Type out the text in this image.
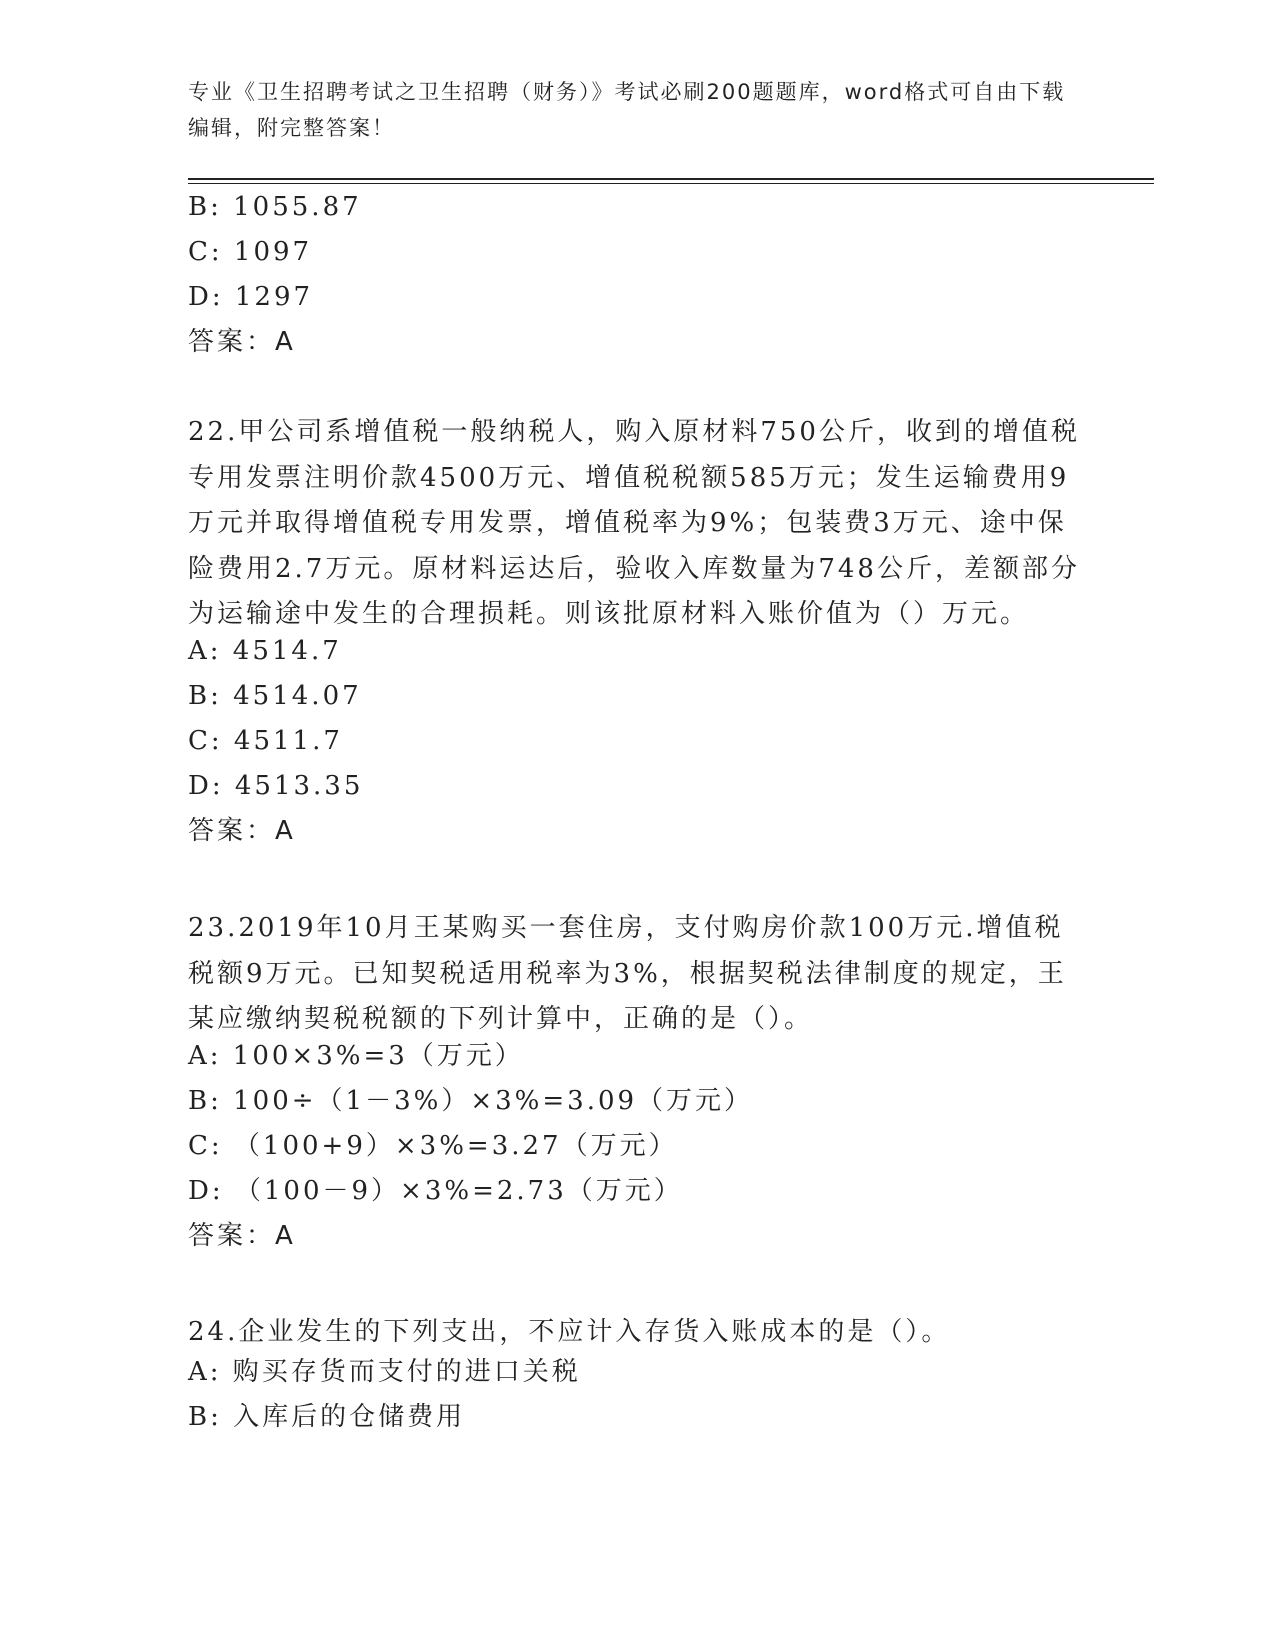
专业《卫生招聘考试之卫生招聘（财务）》考试必刷200题题库，word格式可自由下载编辑，附完整答案！
B: 1055.87
C: 1097
D: 1297
答案：A
22.甲公司系增值税一般纳税人，购入原材料750公斤，收到的增值税专用发票注明价款4500万元、增值税税额585万元；发生运输费用9万元并取得增值税专用发票，增值税率为9%；包装费3万元、途中保险费用2.7万元。原材料运达后，验收入库数量为748公斤，差额部分为运输途中发生的合理损耗。则该批原材料入账价值为（）万元。
A: 4514.7
B: 4514.07
C: 4511.7
D: 4513.35
答案：A
23.2019年10月王某购买一套住房，支付购房价款100万元.增值税税额9万元。已知契税适用税率为3%，根据契税法律制度的规定，王某应缴纳契税税额的下列计算中，正确的是（）。
A: 100×3%=3（万元）
B: 100÷（1－3%）×3%=3.09（万元）
C: （100+9）×3%=3.27（万元）
D: （100－9）×3%=2.73（万元）
答案：A
24.企业发生的下列支出，不应计入存货入账成本的是（）。
A: 购买存货而支付的进口关税
B: 入库后的仓储费用
